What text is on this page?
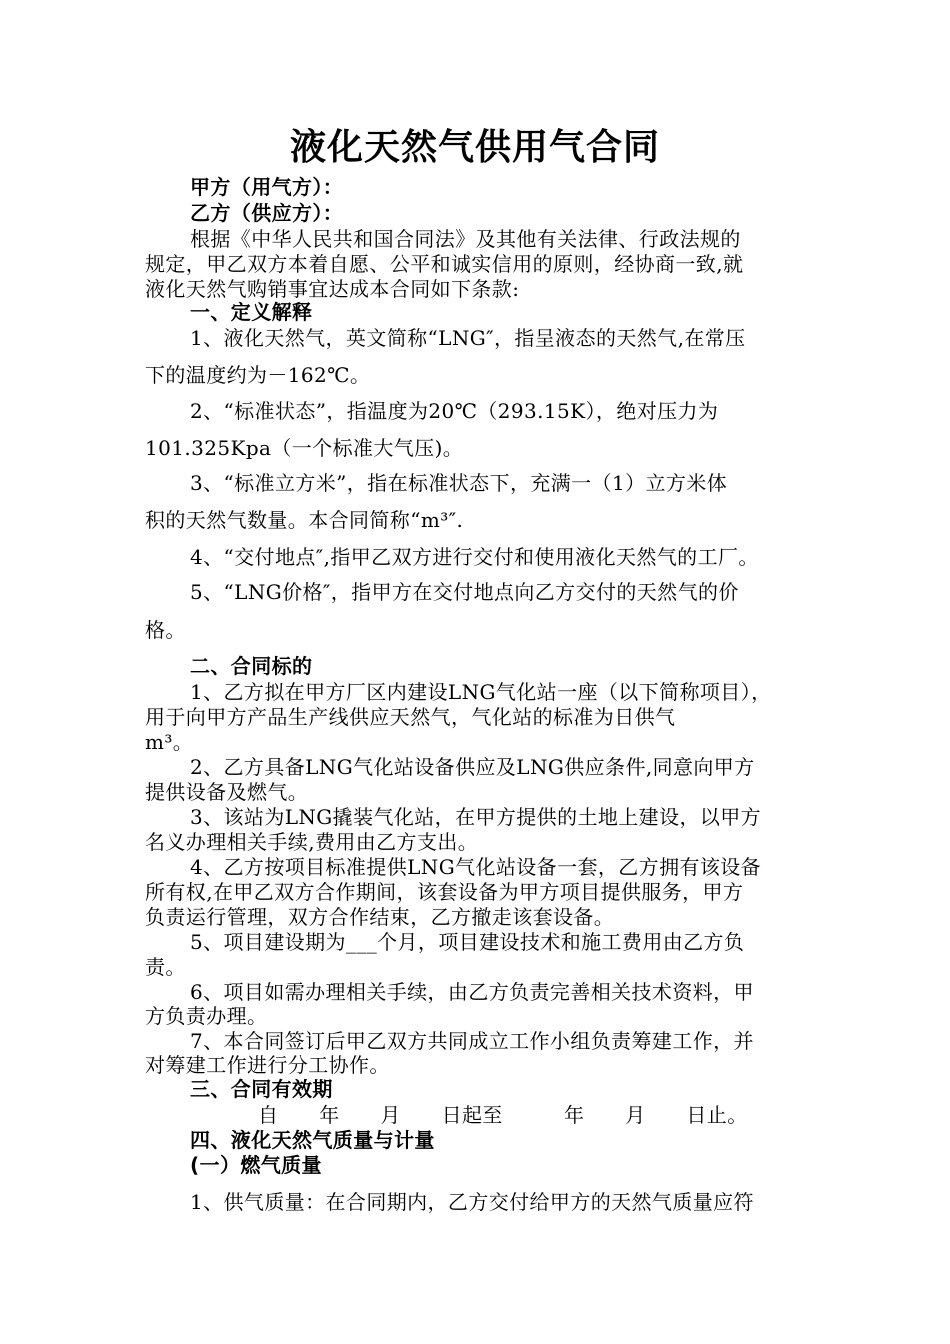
液化天然气供用气合同
甲方（用气方）：
乙方（供应方）：
根据《中华人民共和国合同法》及其他有关法律、行政法规的
规定，甲乙双方本着自愿、公平和诚实信用的原则，经协商一致,就
液化天然气购销事宜达成本合同如下条款:
一、定义解释
1、液化天然气，英文简称“LNG″，指呈液态的天然气,在常压
下的温度约为－162℃。
2、“标准状态”，指温度为20℃（293.15K），绝对压力为
101.325Kpa（一个标准大气压)。
3、“标准立方米”，指在标准状态下，充满一（1）立方米体
积的天然气数量。本合同简称“m³″.
4、“交付地点″,指甲乙双方进行交付和使用液化天然气的工厂。
5、“LNG价格″，指甲方在交付地点向乙方交付的天然气的价
格。
二、合同标的
1、乙方拟在甲方厂区内建设LNG气化站一座（以下简称项目），
用于向甲方产品生产线供应天然气，气化站的标准为日供气
m³。
2、乙方具备LNG气化站设备供应及LNG供应条件,同意向甲方
提供设备及燃气。
3、该站为LNG撬装气化站，在甲方提供的土地上建设，以甲方
名义办理相关手续,费用由乙方支出。
4、乙方按项目标准提供LNG气化站设备一套，乙方拥有该设备
所有权,在甲乙双方合作期间，该套设备为甲方项目提供服务，甲方
负责运行管理，双方合作结束，乙方撤走该套设备。
5、项目建设期为___个月，项目建设技术和施工费用由乙方负
责。
6、项目如需办理相关手续，由乙方负责完善相关技术资料，甲
方负责办理。
7、本合同签订后甲乙双方共同成立工作小组负责筹建工作，并
对筹建工作进行分工协作。
三、合同有效期
自　　年　　月　　日起至　　　年　　月　　日止。
四、液化天然气质量与计量
(一）燃气质量
1、供气质量：在合同期内，乙方交付给甲方的天然气质量应符
